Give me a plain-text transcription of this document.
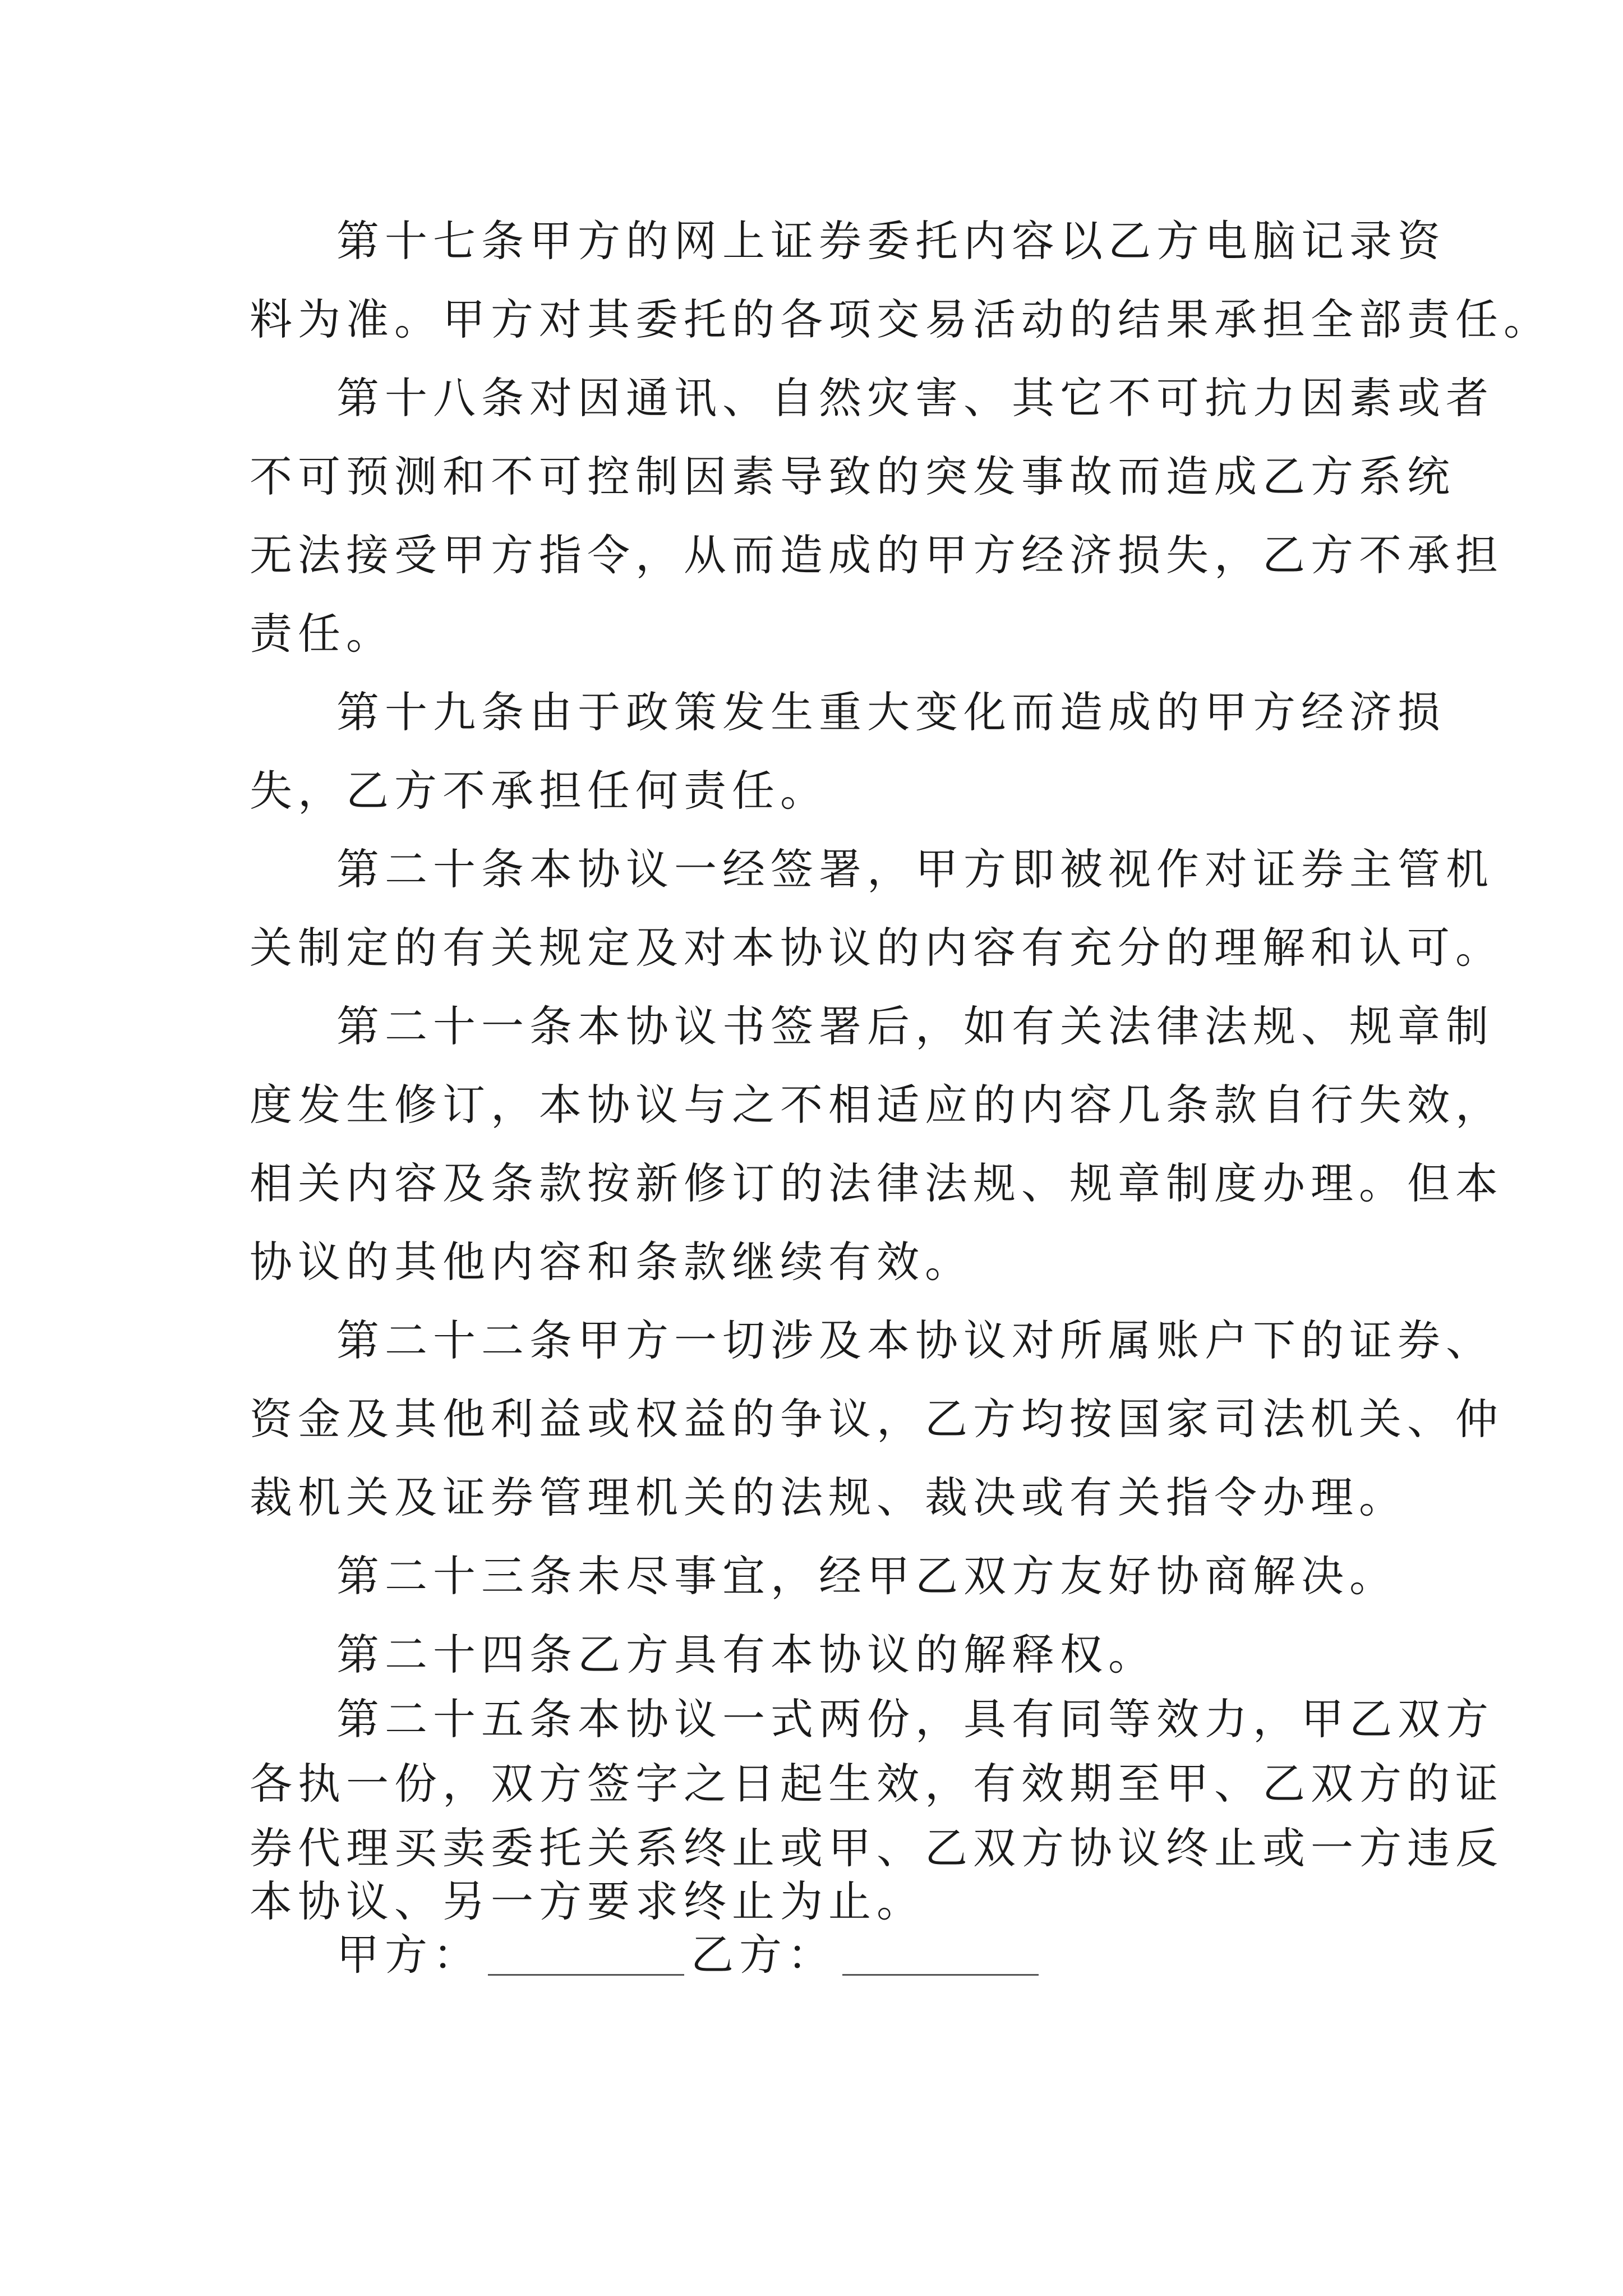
第十七条甲方的网上证券委托内容以乙方电脑记录资
料为准。甲方对其委托的各项交易活动的结果承担全部责任。
第十八条对因通讯、自然灾害、其它不可抗力因素或者
不可预测和不可控制因素导致的突发事故而造成乙方系统
无法接受甲方指令，从而造成的甲方经济损失，乙方不承担
责任。
第十九条由于政策发生重大变化而造成的甲方经济损
失，乙方不承担任何责任。
第二十条本协议一经签署，甲方即被视作对证券主管机
关制定的有关规定及对本协议的内容有充分的理解和认可。
第二十一条本协议书签署后，如有关法律法规、规章制
度发生修订，本协议与之不相适应的内容几条款自行失效，
相关内容及条款按新修订的法律法规、规章制度办理。但本
协议的其他内容和条款继续有效。
第二十二条甲方一切涉及本协议对所属账户下的证券、
资金及其他利益或权益的争议，乙方均按国家司法机关、仲
裁机关及证券管理机关的法规、裁决或有关指令办理。
第二十三条未尽事宜，经甲乙双方友好协商解决。
第二十四条乙方具有本协议的解释权。
第二十五条本协议一式两份，具有同等效力，甲乙双方
各执一份，双方签字之日起生效，有效期至甲、乙双方的证
券代理买卖委托关系终止或甲、乙双方协议终止或一方违反
本协议、另一方要求终止为止。
甲方：	乙方：
